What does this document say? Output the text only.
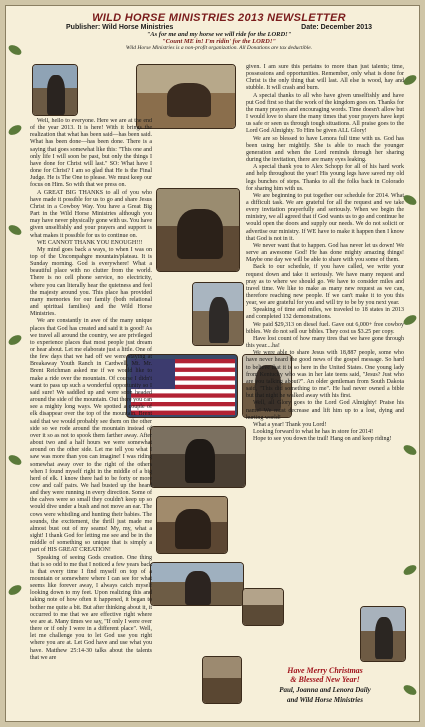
WILD HORSE MINISTRIES 2013 NEWSLETTER
Publisher: Wild Horse Ministries	Date: December 2013
"As for me and my horse we will ride for the LORD!"
"Count ME in! I'm ridin' for the LORD!"
Wild Horse Ministries is a non-profit organization. All Donations are tax deductible.

Well, hello to everyone. Here we are at the end of the year 2013. It is here! With it brings the realization that what has been said—has been said. What has been done—has been done. There is a saying that goes somewhat like this: "This one and only life I will soon be past, but only the things I have done for Christ will last." SO: What have I done for Christ? I am so glad that He is the Final Judge. He is The One to please. We must keep our focus on Him. So with that we press on.

A GREAT BIG THANKS to all of you who have made it possible for us to go and share Jesus Christ in a Cowboy Way. You have a Great Big Part in the Wild Horse Ministries although you may have never physically gone with us. You have given unselfishly and your prayers and support is what makes it possible for us to continue on.

WE CANNOT THANK YOU ENOUGH!!!

My mind goes back a ways, to when I was on top of the Uncompahgre mountain/plateau. It is Sunday morning. God is everywhere! What a beautiful place with no clutter from the world. There is no cell phone service, no electricity, where you can literally hear the quietness and feel the majesty around you. This place has provided many memories for our family (both relational and spiritual families) and the Wild Horse Ministries.

We are constantly in awe of the many unique places that God has created and said it is good! As we travel all around the country, we are privileged to experience places that most people just dream or hear about. Let me elaborate just a little. One of the few days that we had off we were staying at Breakaway Youth Ranch in Cardwell, Mt. Mr. Brent Reichman asked me if we would like to make a ride over the mountain. Of course I didn't want to pass up such a wonderful opportunity so I said sure! We saddled up and were soon headed around the side of the mountain. Out there you can see a mighty long ways. We spotted a couple of elk disappear over the top of the mountain. Brent said that we would probably see them on the other side so we rode around the mountain instead of over it so as not to spook them farther away. After about two and a half hours we were somewhat around on the other side. Let me tell you what I saw was more than you can imagine! I was riding somewhat away over to the right of the others when I found myself right in the middle of a big herd of elk. I know there had to be forty or more cow and calf pairs. We had busted up the heard and they were running in every direction. Some of the calves were so small they couldn't keep up so would dive under a bush and not move an ear. The cows were whistling and hunting their babies. The sounds, the excitement, the thrill just made me almost bust out of my seams! My, my, what a sight! I thank God for letting me see and be in the middle of something so unique that is simply a part of HIS GREAT CREATION!

Speaking of seeing Gods creation. One thing that is so odd to me that I noticed a few years back is that every time I find myself on top of a mountain or somewhere where I can see for what seems like forever away, I always catch myself looking down to my feet. Upon realizing this and taking note of how often it happened, it began to bother me quite a bit. But after thinking about it, it occurred to me that we are effective right where we are at. Many times we say, "If only I were over there or if only I were in a different place". Well, let me challenge you to let God use you right where you are at. Let God have and use what you have. Matthew 25:14-30 talks about the talents that we are

given. I am sure this pertains to more than just talents; time, possessions and opportunities. Remember, only what is done for Christ is the only thing that will last. All else is wood, hay and stubble. It will crash and burn.

A special thanks to all who have given unselfishly and have put God first so that the work of the kingdom goes on. Thanks for the many prayers and encouraging words. Time doesn't allow but I would love to share the many times that your prayers have kept us safe or seen us through tough situations. All praise goes to the Lord God Almighty. To Him be given ALL Glory!

We are so blessed to have Lenora full time with us. God has been using her mightily. She is able to reach the younger generation and when the Lord reminds through her sharing during the invitation, there are many eyes leaking.

A special thank you to Alex Schopp for all of his hard work and help throughout the year! His young legs have saved my old legs bunches of steps. Thanks to all the folks back in Colorado for sharing him with us.

We are beginning to put together our schedule for 2014. What a difficult task. We are grateful for all the request and we take every invitation prayerfully and seriously. When we begin the ministry, we all agreed that if God wants us to go and continue he would open the doors and supply our needs. We do not solicit or advertise our ministry. If WE have to make it happen then I know that God is not in it.

We never want that to happen. God has never let us down! We serve an awesome God! He has done mighty amazing things! Maybe one day we will be able to share with you some of them.

Back to our schedule, if you have called, we write your request down and take it seriously. We have many request and pray as to where we should go. We have to consider miles and travel time. We like to make as many new request as we can, therefore reaching new people. If we can't make it to you this year, we are grateful for you and will try to be by you next year.

Speaking of time and miles, we traveled to 18 states in 2013 and completed 132 demonstrations.

We paid $29,313 on diesel fuel. Gave out 6,000+ free cowboy bibles. We do not sell our bibles. They cost us $3.25 per copy.

Have lost count of how many tires that we have gone through this year....ha!

We were able to share Jesus with 18,887 people, some who have never heard the good news of the gospel message. So hard to believe that it is so here in the United States. One young lady from Kentucky who was in her late teens said, "Jesus? Just who are you talking about?". An older gentleman from South Dakota said, "This did something to me". He had never owned a bible but that night he walked away with his first.

Well, all Glory goes to the Lord God Almighty! Praise his name! We must decrease and lift him up to a lost, dying and hurting world!

What a year! Thank you Lord!

Looking forward to what he has in store for 2014!

Hope to see you down the trail! Hang on and keep riding!

Have Merry Christmas
& Blessed New Year!
Paul, Joanna and Lenora Daily
and Wild Horse Ministries
